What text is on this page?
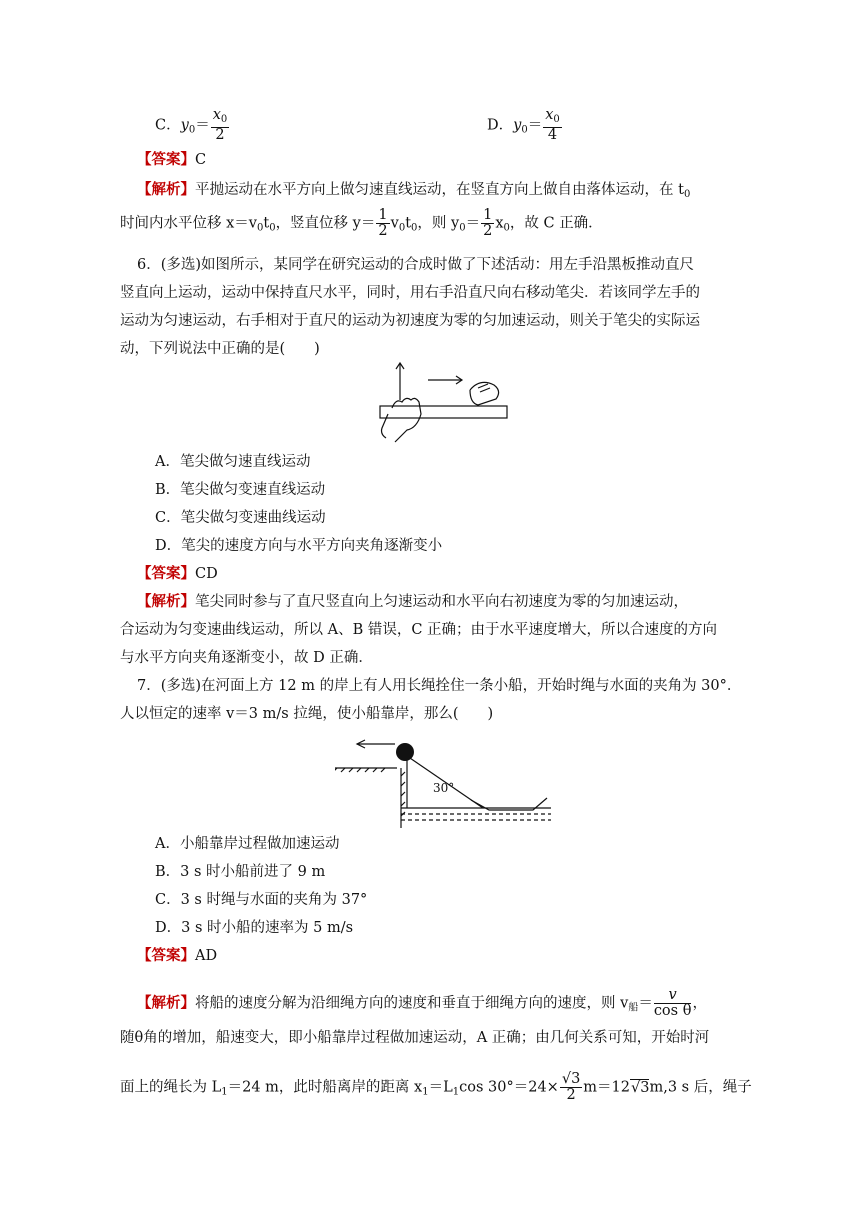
C．$y_0= \frac{x_0}{2}$	D．$y_0= \frac{x_0}{4}$
【答案】C
【解析】平抛运动在水平方向上做匀速直线运动，在竖直方向上做自由落体运动，在 $t_0$
时间内水平位移 $x=v_0t_0$，竖直位移 $y= \frac{1}{2} v_0t_0$，则 $y_0= \frac{1}{2} x_0$，故 C 正确．
6．(多选)如图所示，某同学在研究运动的合成时做了下述活动：用左手沿黑板推动直尺
竖直向上运动，运动中保持直尺水平，同时，用右手沿直尺向右移动笔尖．若该同学左手的
运动为匀速运动，右手相对于直尺的运动为初速度为零的匀加速运动，则关于笔尖的实际运
动，下列说法中正确的是(　　)
A．笔尖做匀速直线运动
B．笔尖做匀变速直线运动
C．笔尖做匀变速曲线运动
D．笔尖的速度方向与水平方向夹角逐渐变小
【答案】CD
【解析】笔尖同时参与了直尺竖直向上匀速运动和水平向右初速度为零的匀加速运动，
合运动为匀变速曲线运动，所以 A、B 错误，C 正确；由于水平速度增大，所以合速度的方向
与水平方向夹角逐渐变小，故 D 正确．
7．(多选)在河面上方 12 m 的岸上有人用长绳拴住一条小船，开始时绳与水面的夹角为 30°．
人以恒定的速率 v＝3 m/s 拉绳，使小船靠岸，那么(　　)
30°
A．小船靠岸过程做加速运动
B．3 s 时小船前进了 9 m
C．3 s 时绳与水面的夹角为 37°
D．3 s 时小船的速率为 5 m/s
【答案】AD
【解析】将船的速度分解为沿细绳方向的速度和垂直于细绳方向的速度，则 $v_船= \frac{v}{\text{cos θ}}$ ，
随θ角的增加，船速变大，即小船靠岸过程做加速运动，A 正确；由几何关系可知，开始时河
面上的绳长为 $L_1=24$ m，此时船离岸的距离 $x_1=L_1\cos$ $30^\circ=24\times \frac{√3}{2} m=12√3m,3$ s 后，绳子
